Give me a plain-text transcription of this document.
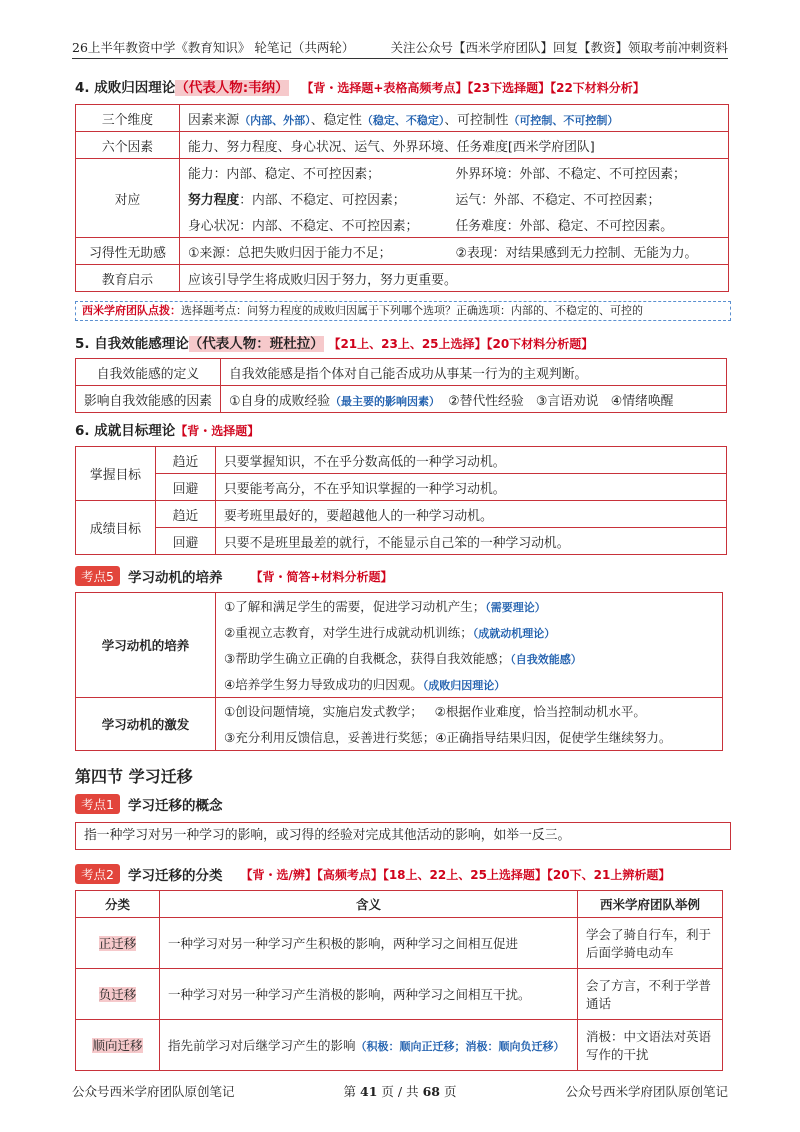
26上半年教资中学《教育知识》 轮笔记（共两轮）	关注公众号【西米学府团队】回复【教资】领取考前冲刺资料
4. 成败归因理论（代表人物:韦纳） 【背・选择题+表格高频考点】【23下选择题】【22下材料分析】
三个维度	因素来源（内部、外部）、稳定性（稳定、不稳定）、可控制性（可控制、不可控制）	
六个因素	能力、努力程度、身心状况、运气、外界环境、任务难度[西米学府团队]	
对应	能力：内部、稳定、不可控因素；	外界环境：外部、不稳定、不可控因素；
	努力程度：内部、不稳定、可控因素；	运气：外部、不稳定、不可控因素；
	身心状况：内部、不稳定、不可控因素；	任务难度：外部、稳定、不可控因素。
习得性无助感	①来源：总把失败归因于能力不足；	②表现：对结果感到无力控制、无能为力。
教育启示	应该引导学生将成败归因于努力，努力更重要。	
西米学府团队点拨：选择题考点：问努力程度的成败归因属于下列哪个选项？正确选项：内部的、不稳定的、可控的
5. 自我效能感理论（代表人物：班杜拉） 【21上、23上、25上选择】【20下材料分析题】
自我效能感的定义	自我效能感是指个体对自己能否成功从事某一行为的主观判断。
影响自我效能感的因素	①自身的成败经验（最主要的影响因素） ②替代性经验 ③言语劝说 ④情绪唤醒
6. 成就目标理论【背・选择题】
掌握目标	趋近	只要掌握知识，不在乎分数高低的一种学习动机。
	回避	只要能考高分，不在乎知识掌握的一种学习动机。
成绩目标	趋近	要考班里最好的，要超越他人的一种学习动机。
	回避	只要不是班里最差的就行，不能显示自己笨的一种学习动机。
考点5	学习动机的培养 【背・简答+材料分析题】
学习动机的培养	①了解和满足学生的需要，促进学习动机产生；（需要理论）
	②重视立志教育，对学生进行成就动机训练；（成就动机理论）
	③帮助学生确立正确的自我概念，获得自我效能感；（自我效能感）
	④培养学生努力导致成功的归因观。（成败归因理论）
学习动机的激发	①创设问题情境，实施启发式教学； ②根据作业难度，恰当控制动机水平。
	③充分利用反馈信息，妥善进行奖惩；④正确指导结果归因，促使学生继续努力。
第四节 学习迁移
考点1	学习迁移的概念
指一种学习对另一种学习的影响，或习得的经验对完成其他活动的影响，如举一反三。
考点2	学习迁移的分类 【背・选/辨】【高频考点】【18上、22上、25上选择题】【20下、21上辨析题】
分类	含义	西米学府团队举例
正迁移	一种学习对另一种学习产生积极的影响，两种学习之间相互促进	学会了骑自行车，利于
后面学骑电动车

负迁移	一种学习对另一种学习产生消极的影响，两种学习之间相互干扰。	会了方言，不利于学普
通话

顺向迁移	指先前学习对后继学习产生的影响（积极：顺向正迁移；消极：顺向负迁移）	消极：中文语法对英语
写作的干扰
公众号西米学府团队原创笔记	第 41 页 / 共 68 页	公众号西米学府团队原创笔记
